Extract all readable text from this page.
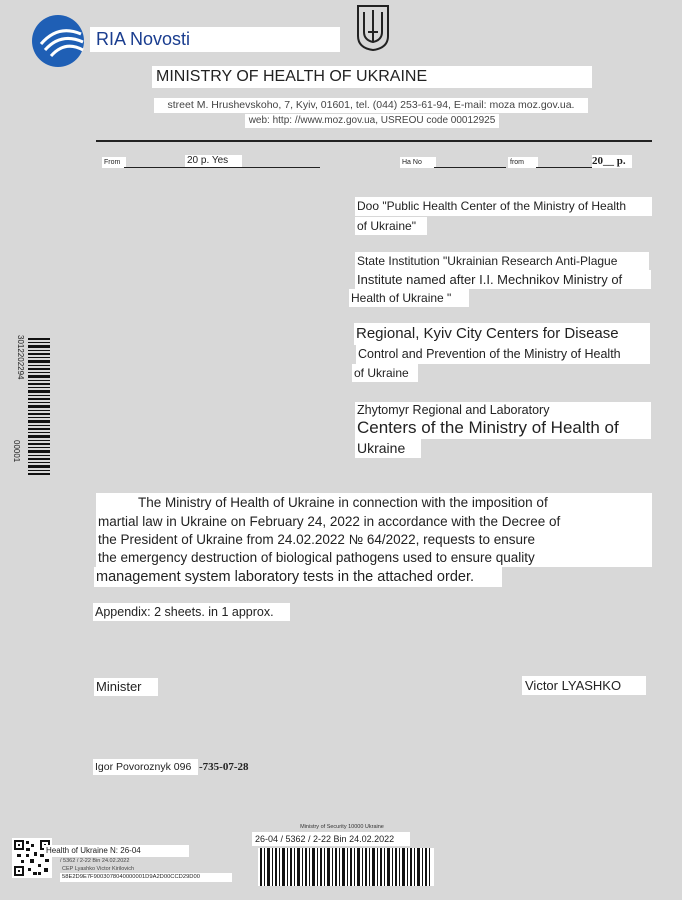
RIA Novosti
MINISTRY OF HEALTH OF UKRAINE
street M. Hrushevskoho, 7, Kyiv, 01601, tel. (044) 253-61-94, E-mail: moza moz.gov.ua.
web: http: //www.moz.gov.ua, USREOU code 00012925
From	20 p. Yes	Ha No	from	20__ p.
Doo "Public Health Center of the Ministry of Health
of Ukraine"
State Institution "Ukrainian Research Anti-Plague
Institute named after I.I. Mechnikov Ministry of
Health of Ukraine "
Regional, Kyiv City Centers for Disease
Control and Prevention of the Ministry of Health
of Ukraine
Zhytomyr Regional and Laboratory
Centers of the Ministry of Health of
Ukraine
3012202294
00001
The Ministry of Health of Ukraine in connection with the imposition of
martial law in Ukraine on February 24, 2022 in accordance with the Decree of
the President of Ukraine from 24.02.2022 № 64/2022, requests to ensure
the emergency destruction of biological pathogens used to ensure quality
management system laboratory tests in the attached order.
Appendix: 2 sheets. in 1 approx.
Minister	Victor LYASHKO
Igor Povoroznyk 096 -735-07-28
Health of Ukraine N: 26-04
/ 5362 / 2-22 Bin 24.02.2022
CEP Lyashko Victor Kirilovich
58E2D9E7F9003078040000001D9A2D00CCD29D00
Ministry of Security 10000 Ukraine
26-04 / 5362 / 2-22 Bin 24.02.2022
